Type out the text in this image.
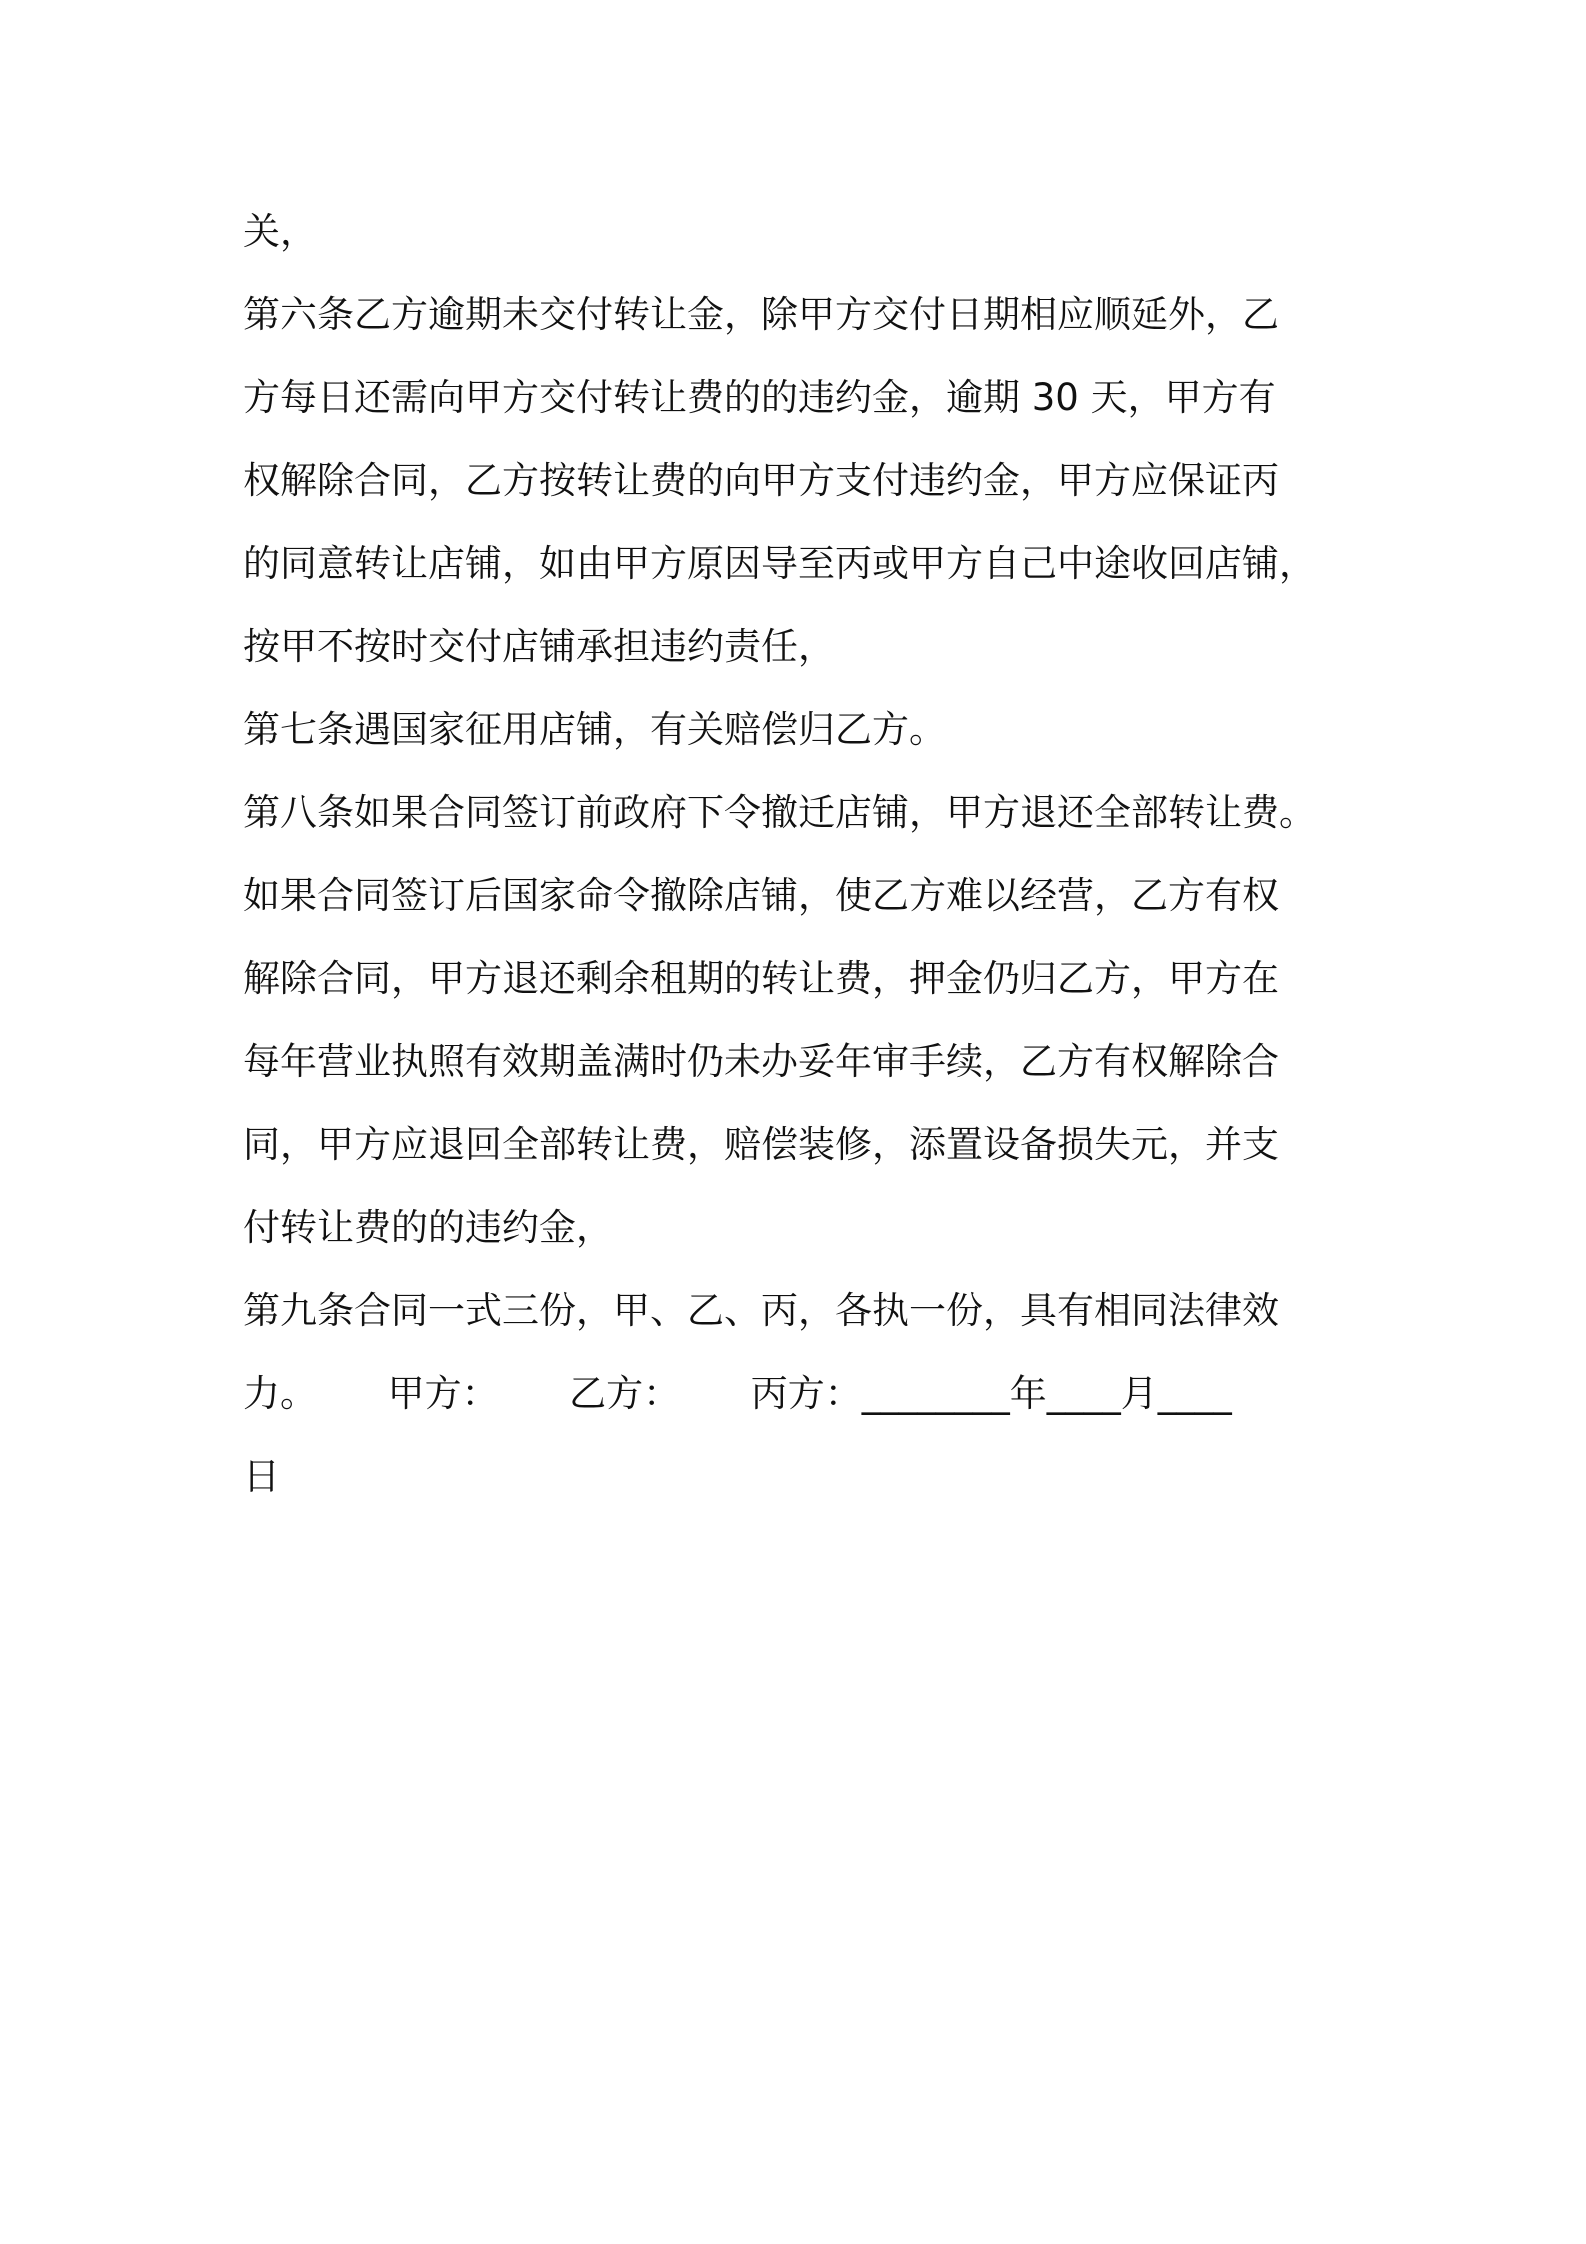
关，
第六条乙方逾期未交付转让金，除甲方交付日期相应顺延外，乙
方每日还需向甲方交付转让费的的违约金，逾期 30 天，甲方有
权解除合同，乙方按转让费的向甲方支付违约金，甲方应保证丙
的同意转让店铺，如由甲方原因导至丙或甲方自己中途收回店铺，
按甲不按时交付店铺承担违约责任，
第七条遇国家征用店铺，有关赔偿归乙方。
第八条如果合同签订前政府下令撤迁店铺，甲方退还全部转让费。
如果合同签订后国家命令撤除店铺，使乙方难以经营，乙方有权
解除合同，甲方退还剩余租期的转让费，押金仍归乙方，甲方在
每年营业执照有效期盖满时仍未办妥年审手续，乙方有权解除合
同，甲方应退回全部转让费，赔偿装修，添置设备损失元，并支
付转让费的的违约金，
第九条合同一式三份，甲、乙、丙，各执一份，具有相同法律效
力。      甲方：      乙方：      丙方：________年____月____
日
